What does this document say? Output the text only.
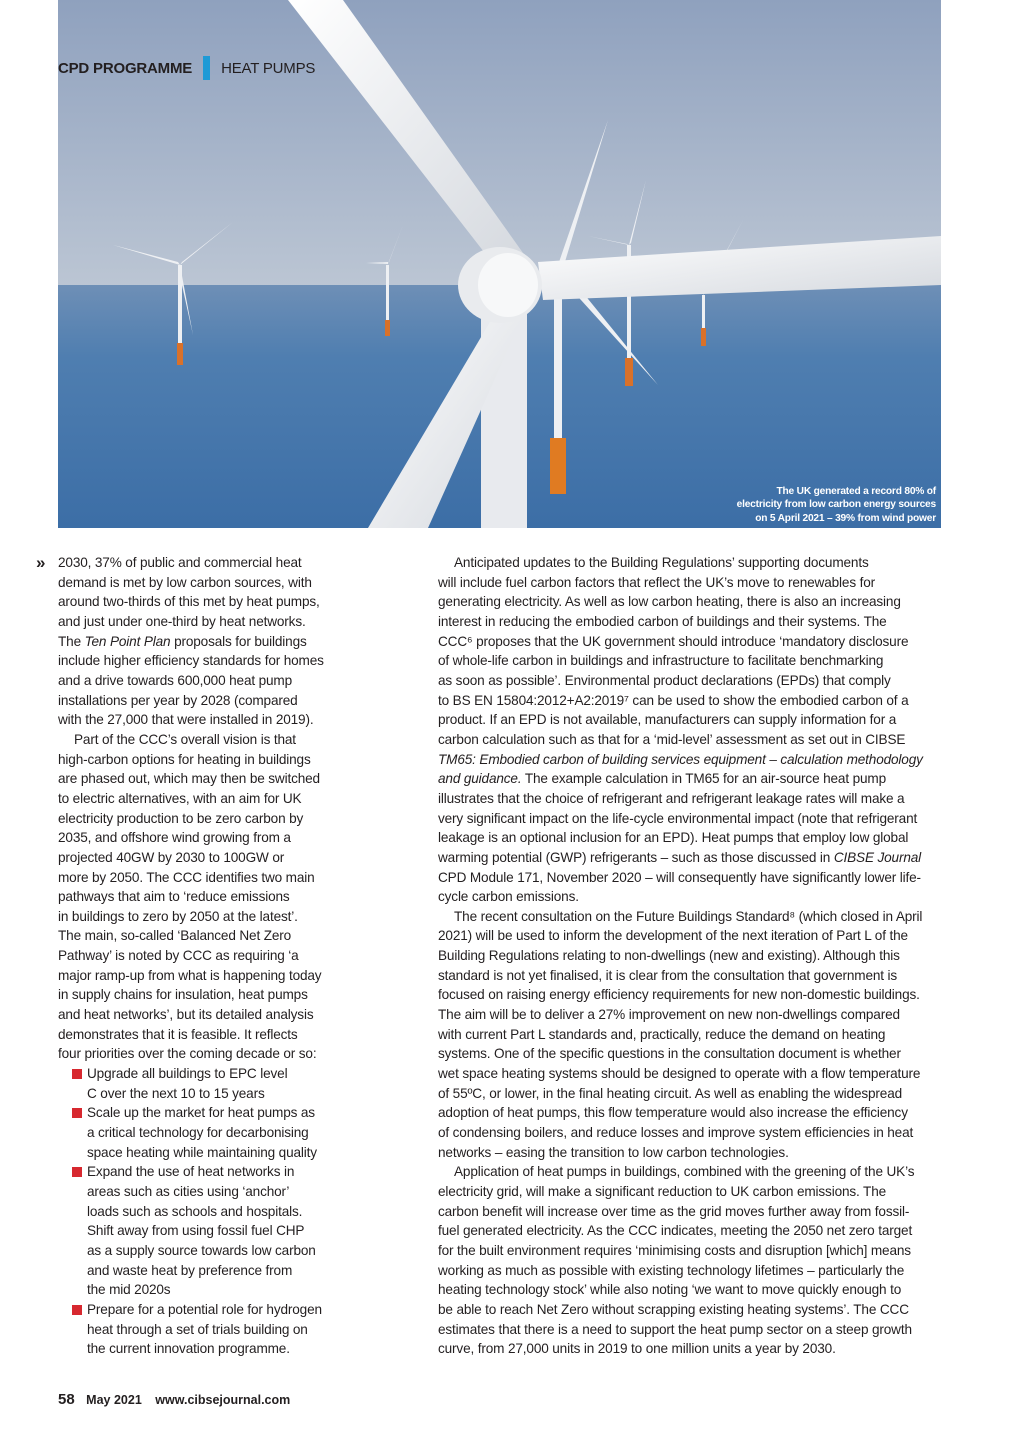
CPD PROGRAMME HEAT PUMPS
The UK generated a record 80% of
electricity from low carbon energy sources
on 5 April 2021 – 39% from wind power
» 2030, 37% of public and commercial heat
demand is met by low carbon sources, with
around two-thirds of this met by heat pumps,
and just under one-third by heat networks.
The Ten Point Plan proposals for buildings
include higher efficiency standards for homes
and a drive towards 600,000 heat pump
installations per year by 2028 (compared
with the 27,000 that were installed in 2019).
Part of the CCC’s overall vision is that
high-carbon options for heating in buildings
are phased out, which may then be switched
to electric alternatives, with an aim for UK
electricity production to be zero carbon by
2035, and offshore wind growing from a
projected 40GW by 2030 to 100GW or
more by 2050. The CCC identifies two main
pathways that aim to ‘reduce emissions
in buildings to zero by 2050 at the latest’.
The main, so-called ‘Balanced Net Zero
Pathway’ is noted by CCC as requiring ‘a
major ramp-up from what is happening today
in supply chains for insulation, heat pumps
and heat networks’, but its detailed analysis
demonstrates that it is feasible. It reflects
four priorities over the coming decade or so:
Upgrade all buildings to EPC level
C over the next 10 to 15 years
Scale up the market for heat pumps as
a critical technology for decarbonising
space heating while maintaining quality
Expand the use of heat networks in
areas such as cities using ‘anchor’
loads such as schools and hospitals.
Shift away from using fossil fuel CHP
as a supply source towards low carbon
and waste heat by preference from
the mid 2020s
Prepare for a potential role for hydrogen
heat through a set of trials building on
the current innovation programme.
Anticipated updates to the Building Regulations’ supporting documents
will include fuel carbon factors that reflect the UK’s move to renewables for
generating electricity. As well as low carbon heating, there is also an increasing
interest in reducing the embodied carbon of buildings and their systems. The
CCC⁶ proposes that the UK government should introduce ‘mandatory disclosure
of whole-life carbon in buildings and infrastructure to facilitate benchmarking
as soon as possible’. Environmental product declarations (EPDs) that comply
to BS EN 15804:2012+A2:2019⁷ can be used to show the embodied carbon of a
product. If an EPD is not available, manufacturers can supply information for a
carbon calculation such as that for a ‘mid-level’ assessment as set out in CIBSE
TM65: Embodied carbon of building services equipment – calculation methodology
and guidance. The example calculation in TM65 for an air-source heat pump
illustrates that the choice of refrigerant and refrigerant leakage rates will make a
very significant impact on the life-cycle environmental impact (note that refrigerant
leakage is an optional inclusion for an EPD). Heat pumps that employ low global
warming potential (GWP) refrigerants – such as those discussed in CIBSE Journal
CPD Module 171, November 2020 – will consequently have significantly lower life-
cycle carbon emissions.
The recent consultation on the Future Buildings Standard⁸ (which closed in April
2021) will be used to inform the development of the next iteration of Part L of the
Building Regulations relating to non-dwellings (new and existing). Although this
standard is not yet finalised, it is clear from the consultation that government is
focused on raising energy efficiency requirements for new non-domestic buildings.
The aim will be to deliver a 27% improvement on new non-dwellings compared
with current Part L standards and, practically, reduce the demand on heating
systems. One of the specific questions in the consultation document is whether
wet space heating systems should be designed to operate with a flow temperature
of 55ºC, or lower, in the final heating circuit. As well as enabling the widespread
adoption of heat pumps, this flow temperature would also increase the efficiency
of condensing boilers, and reduce losses and improve system efficiencies in heat
networks – easing the transition to low carbon technologies.
Application of heat pumps in buildings, combined with the greening of the UK’s
electricity grid, will make a significant reduction to UK carbon emissions. The
carbon benefit will increase over time as the grid moves further away from fossil-
fuel generated electricity. As the CCC indicates, meeting the 2050 net zero target
for the built environment requires ‘minimising costs and disruption [which] means
working as much as possible with existing technology lifetimes – particularly the
heating technology stock’ while also noting ‘we want to move quickly enough to
be able to reach Net Zero without scrapping existing heating systems’. The CCC
estimates that there is a need to support the heat pump sector on a steep growth
curve, from 27,000 units in 2019 to one million units a year by 2030.
58 May 2021 www.cibsejournal.com
